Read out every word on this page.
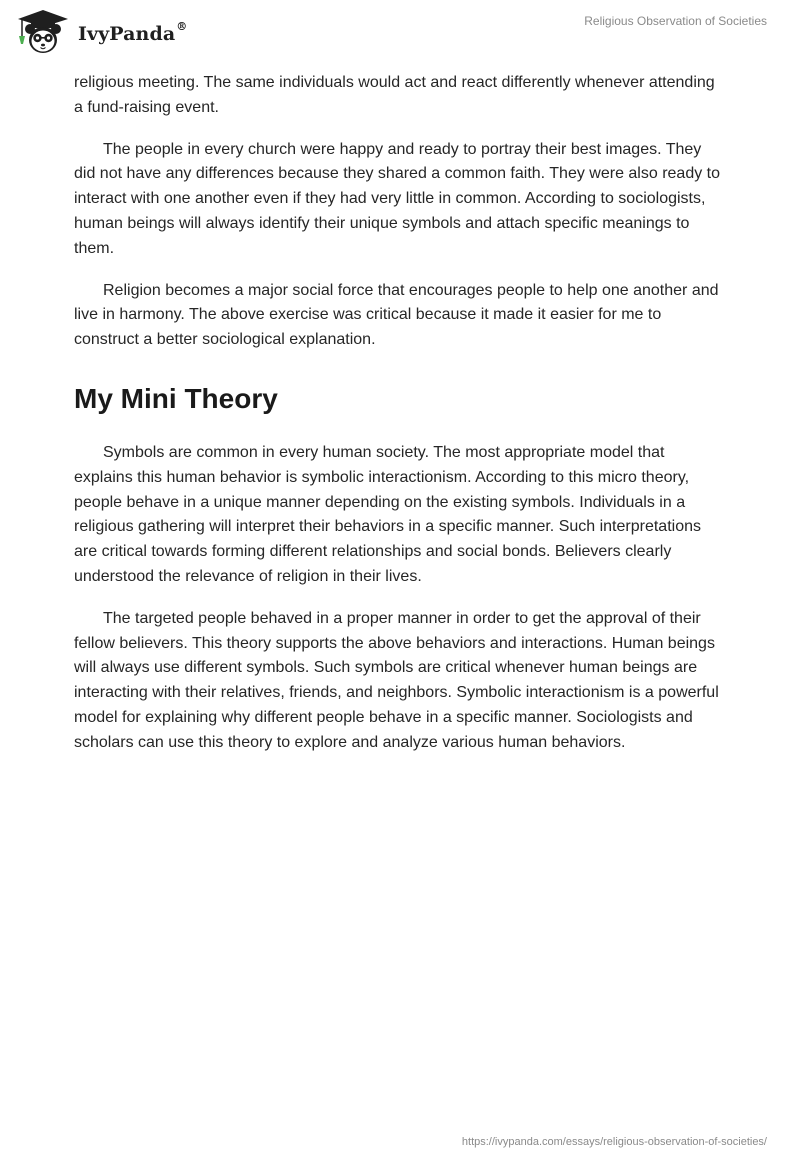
IvyPanda®	Religious Observation of Societies

religious meeting. The same individuals would act and react differently whenever attending a fund-raising event.

The people in every church were happy and ready to portray their best images. They did not have any differences because they shared a common faith. They were also ready to interact with one another even if they had very little in common. According to sociologists, human beings will always identify their unique symbols and attach specific meanings to them.

Religion becomes a major social force that encourages people to help one another and live in harmony. The above exercise was critical because it made it easier for me to construct a better sociological explanation.

My Mini Theory

Symbols are common in every human society. The most appropriate model that explains this human behavior is symbolic interactionism. According to this micro theory, people behave in a unique manner depending on the existing symbols. Individuals in a religious gathering will interpret their behaviors in a specific manner. Such interpretations are critical towards forming different relationships and social bonds. Believers clearly understood the relevance of religion in their lives.

The targeted people behaved in a proper manner in order to get the approval of their fellow believers. This theory supports the above behaviors and interactions. Human beings will always use different symbols. Such symbols are critical whenever human beings are interacting with their relatives, friends, and neighbors. Symbolic interactionism is a powerful model for explaining why different people behave in a specific manner. Sociologists and scholars can use this theory to explore and analyze various human behaviors.

https://ivypanda.com/essays/religious-observation-of-societies/
